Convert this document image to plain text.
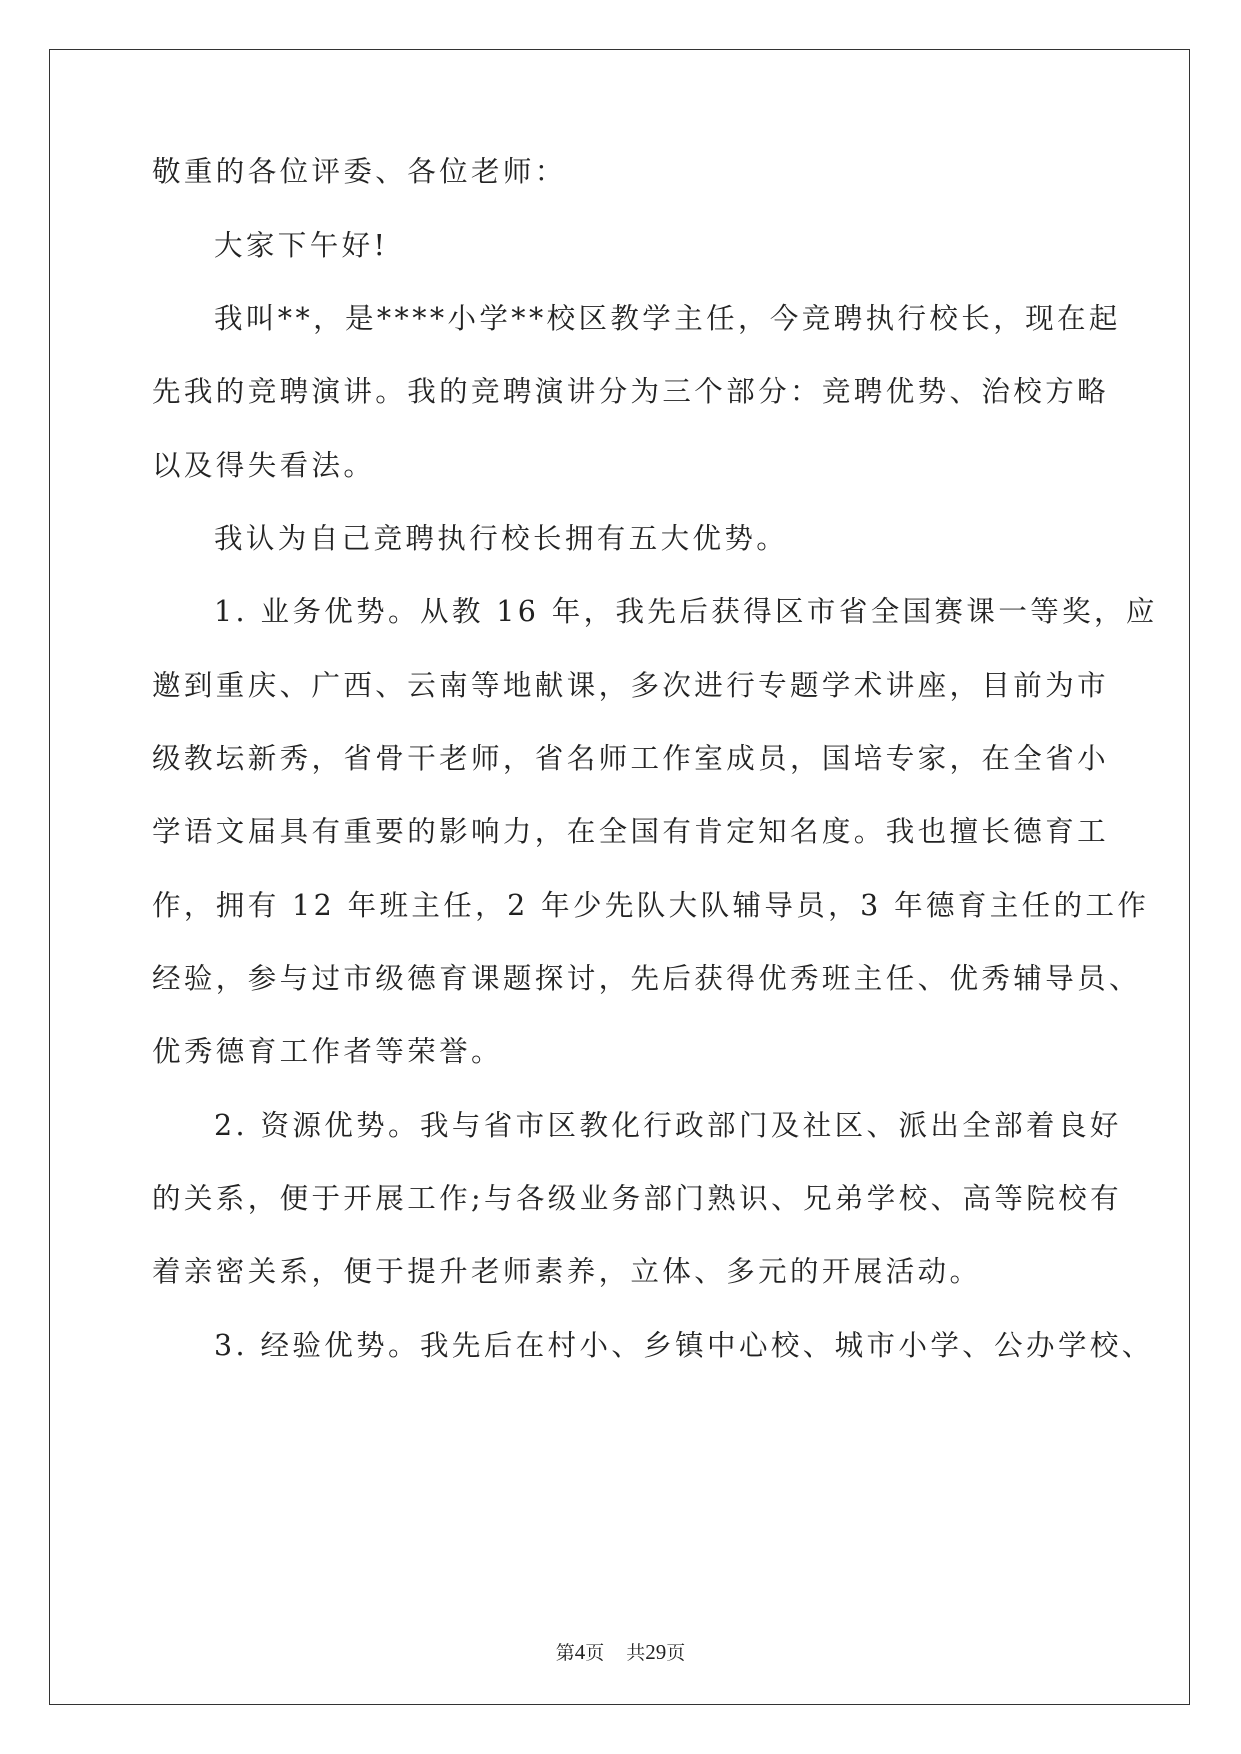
敬重的各位评委、各位老师：
大家下午好!
我叫**，是****小学**校区教学主任，今竞聘执行校长，现在起
先我的竞聘演讲。我的竞聘演讲分为三个部分：竞聘优势、治校方略
以及得失看法。
我认为自己竞聘执行校长拥有五大优势。
1. 业务优势。从教 16 年，我先后获得区市省全国赛课一等奖，应
邀到重庆、广西、云南等地献课，多次进行专题学术讲座，目前为市
级教坛新秀，省骨干老师，省名师工作室成员，国培专家，在全省小
学语文届具有重要的影响力，在全国有肯定知名度。我也擅长德育工
作，拥有 12 年班主任，2 年少先队大队辅导员，3 年德育主任的工作
经验，参与过市级德育课题探讨，先后获得优秀班主任、优秀辅导员、
优秀德育工作者等荣誉。
2. 资源优势。我与省市区教化行政部门及社区、派出全部着良好
的关系，便于开展工作;与各级业务部门熟识、兄弟学校、高等院校有
着亲密关系，便于提升老师素养，立体、多元的开展活动。
3. 经验优势。我先后在村小、乡镇中心校、城市小学、公办学校、
第4页 共29页
